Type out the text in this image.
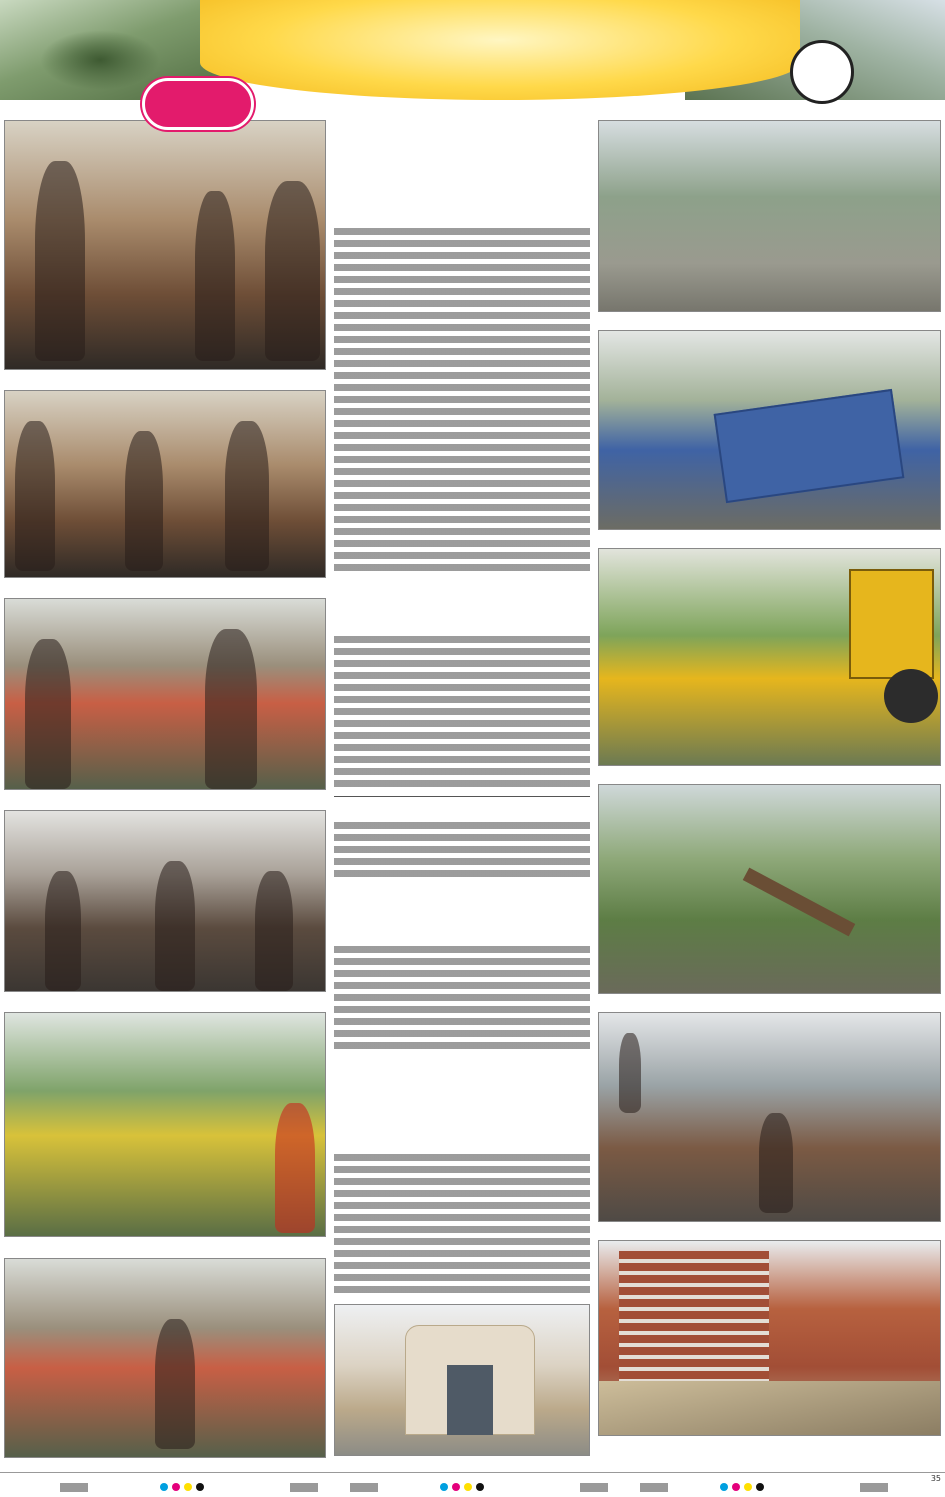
35
